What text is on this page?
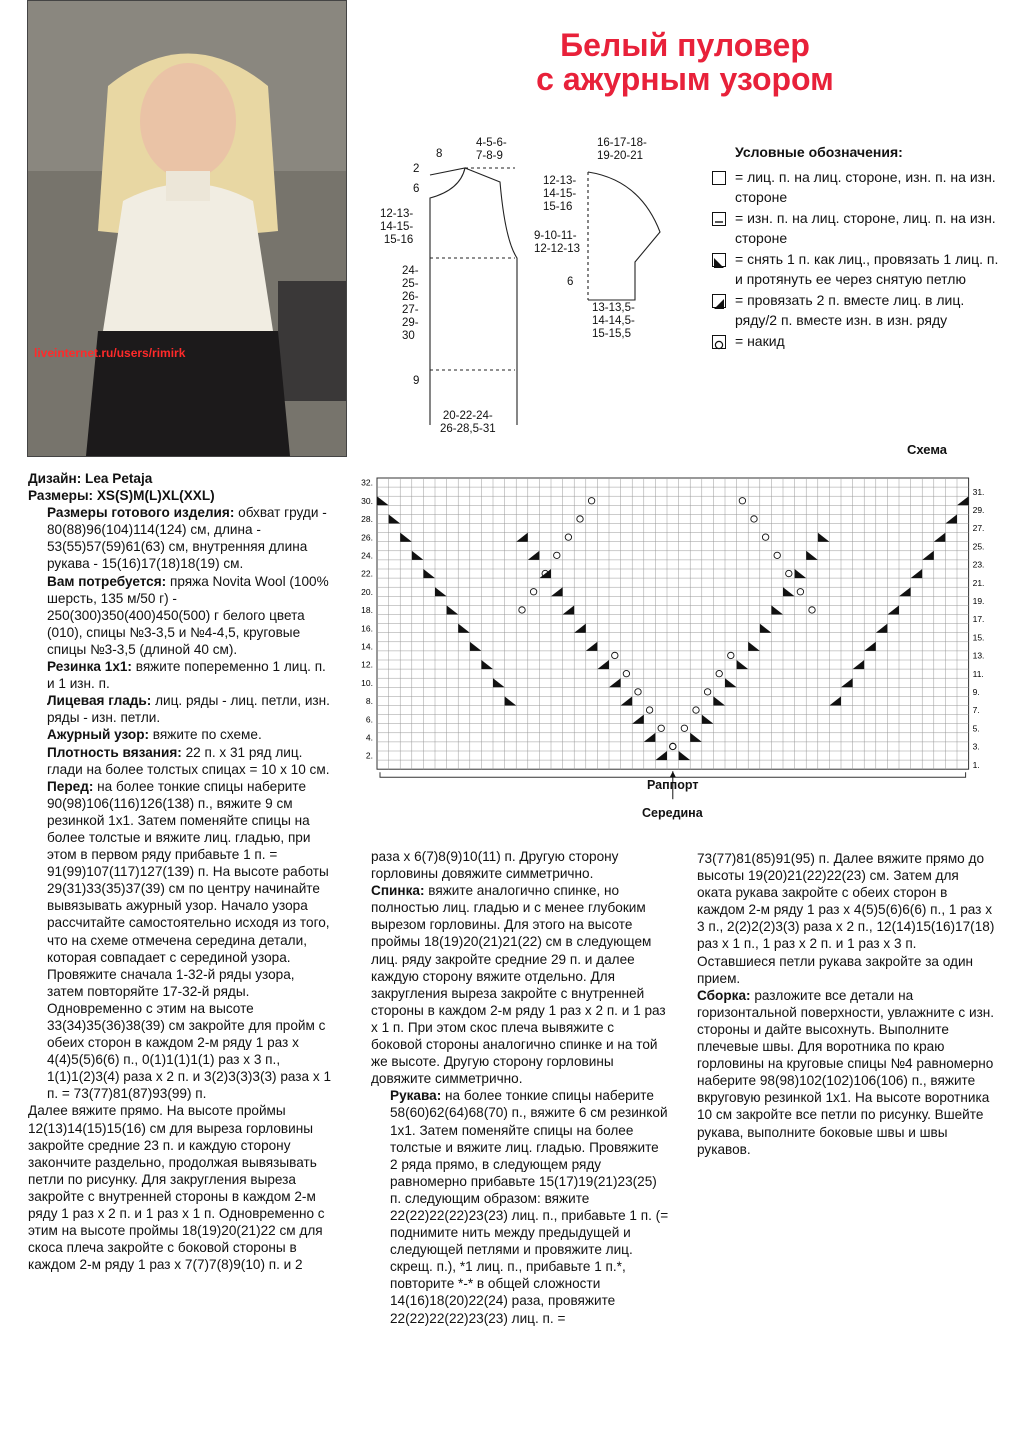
liveinternet.ru/users/rimirk
Белый пуловер
с ажурным узором
8
2
6
12-13-
14-15-
15-16
24-
25-
26-
27-
29-
30
9
4-5-6-
7-8-9
20-22-24-
26-28,5-31
16-17-18-
19-20-21
12-13-
14-15-
15-16
9-10-11-
12-12-13
6
13-13,5-
14-14,5-
15-15,5
Условные обозначения:
= лиц. п. на лиц. стороне, изн. п. на изн. стороне
= изн. п. на лиц. стороне, лиц. п. на изн. стороне
= снять 1 п. как лиц., провязать 1 лиц. п. и протянуть ее через снятую петлю
= провязать 2 п. вместе лиц. в лиц. ряду/2 п. вместе изн. в изн. ряду
= накид
Схема
32.
30.
28.
26.
24.
22.
20.
18.
16.
14.
12.
10.
8.
6.
4.
2.
31.
29.
27.
25.
23.
21.
19.
17.
15.
13.
11.
9.
7.
5.
3.
1.
Раппорт
Середина

Дизайн: Lea Petaja

Размеры: XS(S)M(L)XL(XXL)

Размеры готового изделия: обхват груди - 80(88)96(104)114(124) см, длина - 53(55)57(59)61(63) см, внутренняя длина рукава - 15(16)17(18)18(19) см.

Вам потребуется: пряжа Novita Wool (100% шерсть, 135 м/50 г) - 250(300)350(400)450(500) г белого цвета (010), спицы №3-3,5 и №4-4,5, круговые спицы №3-3,5 (длиной 40 см).

Резинка 1х1: вяжите попеременно 1 лиц. п. и 1 изн. п.

Лицевая гладь: лиц. ряды - лиц. петли, изн. ряды - изн. петли.

Ажурный узор: вяжите по схеме.

Плотность вязания: 22 п. х 31 ряд лиц. глади на более толстых спицах = 10 х 10 см.

Перед: на более тонкие спицы наберите 90(98)106(116)126(138) п., вяжите 9 см резинкой 1х1. Затем поменяйте спицы на более толстые и вяжите лиц. гладью, при этом в первом ряду прибавьте 1 п. = 91(99)107(117)127(139) п. На высоте работы 29(31)33(35)37(39) см по центру начинайте вывязывать ажурный узор. Начало узора рассчитайте самостоятельно исходя из того, что на схеме отмечена середина детали, которая совпадает с серединой узора. Провяжите сначала 1-32-й ряды узора, затем повторяйте 17-32-й ряды. Одновременно с этим на высоте 33(34)35(36)38(39) см закройте для пройм с обеих сторон в каждом 2-м ряду 1 раз х 4(4)5(5)6(6) п., 0(1)1(1)1(1) раз х 3 п., 1(1)1(2)3(4) раза х 2 п. и 3(2)3(3)3(3) раза х 1 п. = 73(77)81(87)93(99) п.

Далее вяжите прямо. На высоте проймы 12(13)14(15)15(16) см для выреза горловины закройте средние 23 п. и каждую сторону закончите раздельно, продолжая вывязывать петли по рисунку. Для закругления выреза закройте с внутренней стороны в каждом 2-м ряду 1 раз х 2 п. и 1 раз х 1 п. Одновременно с этим на высоте проймы 18(19)20(21)22 см для скоса плеча закройте с боковой стороны в каждом 2-м ряду 1 раз х 7(7)7(8)9(10) п. и 2

раза х 6(7)8(9)10(11) п. Другую сторону горловины довяжите симметрично.

Спинка: вяжите аналогично спинке, но полностью лиц. гладью и с менее глубоким вырезом горловины. Для этого на высоте проймы 18(19)20(21)21(22) см в следующем лиц. ряду закройте средние 29 п. и далее каждую сторону вяжите отдельно. Для закругления выреза закройте с внутренней стороны в каждом 2-м ряду 1 раз х 2 п. и 1 раз х 1 п. При этом скос плеча вывяжите с боковой стороны аналогично спинке и на той же высоте. Другую сторону горловины довяжите симметрично.

Рукава: на более тонкие спицы наберите 58(60)62(64)68(70) п., вяжите 6 см резинкой 1х1. Затем поменяйте спицы на более толстые и вяжите лиц. гладью. Провяжите 2 ряда прямо, в следующем ряду равномерно прибавьте 15(17)19(21)23(25) п. следующим образом: вяжите 22(22)22(22)23(23) лиц. п., прибавьте 1 п. (= поднимите нить между предыдущей и следующей петлями и провяжите лиц. скрещ. п.), *1 лиц. п., прибавьте 1 п.*, повторите *-* в общей сложности 14(16)18(20)22(24) раза, провяжите 22(22)22(22)23(23) лиц. п. =

73(77)81(85)91(95) п. Далее вяжите прямо до высоты 19(20)21(22)22(23) см. Затем для оката рукава закройте с обеих сторон в каждом 2-м ряду 1 раз х 4(5)5(6)6(6) п., 1 раз х 3 п., 2(2)2(2)3(3) раза х 2 п., 12(14)15(16)17(18) раз х 1 п., 1 раз х 2 п. и 1 раз х 3 п. Оставшиеся петли рукава закройте за один прием.

Сборка: разложите все детали на горизонтальной поверхности, увлажните с изн. стороны и дайте высохнуть. Выполните плечевые швы. Для воротника по краю горловины на круговые спицы №4 равномерно наберите 98(98)102(102)106(106) п., вяжите вкруговую резинкой 1х1. На высоте воротника 10 см закройте все петли по рисунку. Вшейте рукава, выполните боковые швы и швы рукавов.
